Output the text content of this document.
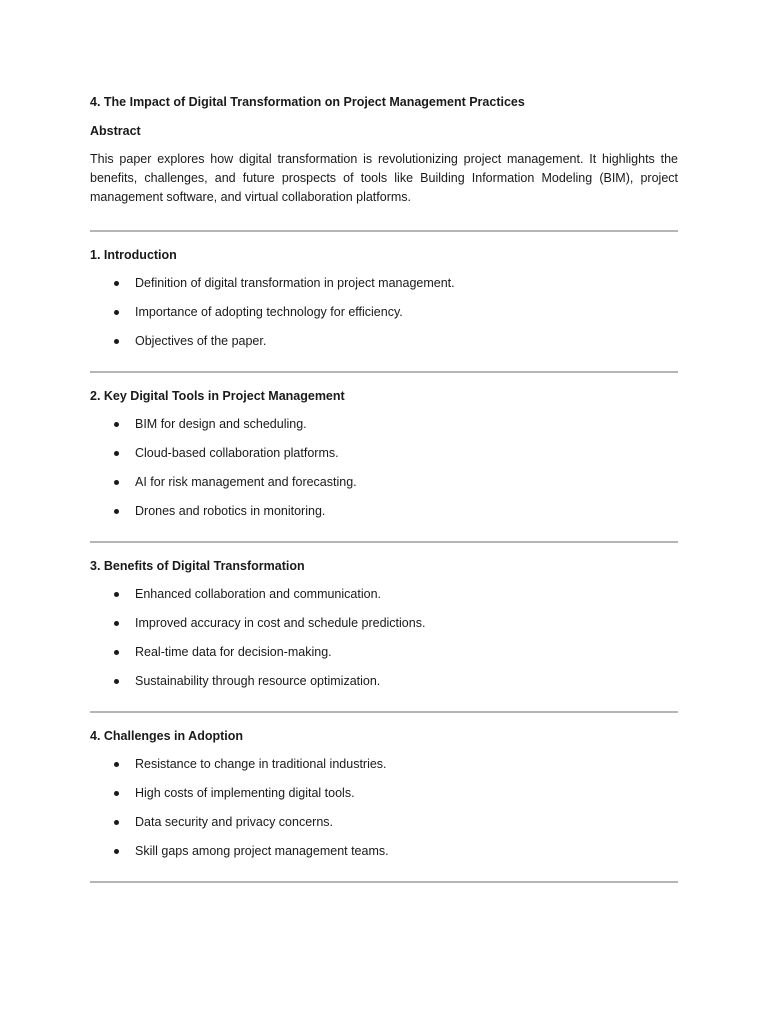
4. The Impact of Digital Transformation on Project Management Practices
Abstract

This paper explores how digital transformation is revolutionizing project management. It highlights the benefits, challenges, and future prospects of tools like Building Information Modeling (BIM), project management software, and virtual collaboration platforms.

1. Introduction
Definition of digital transformation in project management.
Importance of adopting technology for efficiency.
Objectives of the paper.
2. Key Digital Tools in Project Management
BIM for design and scheduling.
Cloud-based collaboration platforms.
AI for risk management and forecasting.
Drones and robotics in monitoring.
3. Benefits of Digital Transformation
Enhanced collaboration and communication.
Improved accuracy in cost and schedule predictions.
Real-time data for decision-making.
Sustainability through resource optimization.
4. Challenges in Adoption
Resistance to change in traditional industries.
High costs of implementing digital tools.
Data security and privacy concerns.
Skill gaps among project management teams.
